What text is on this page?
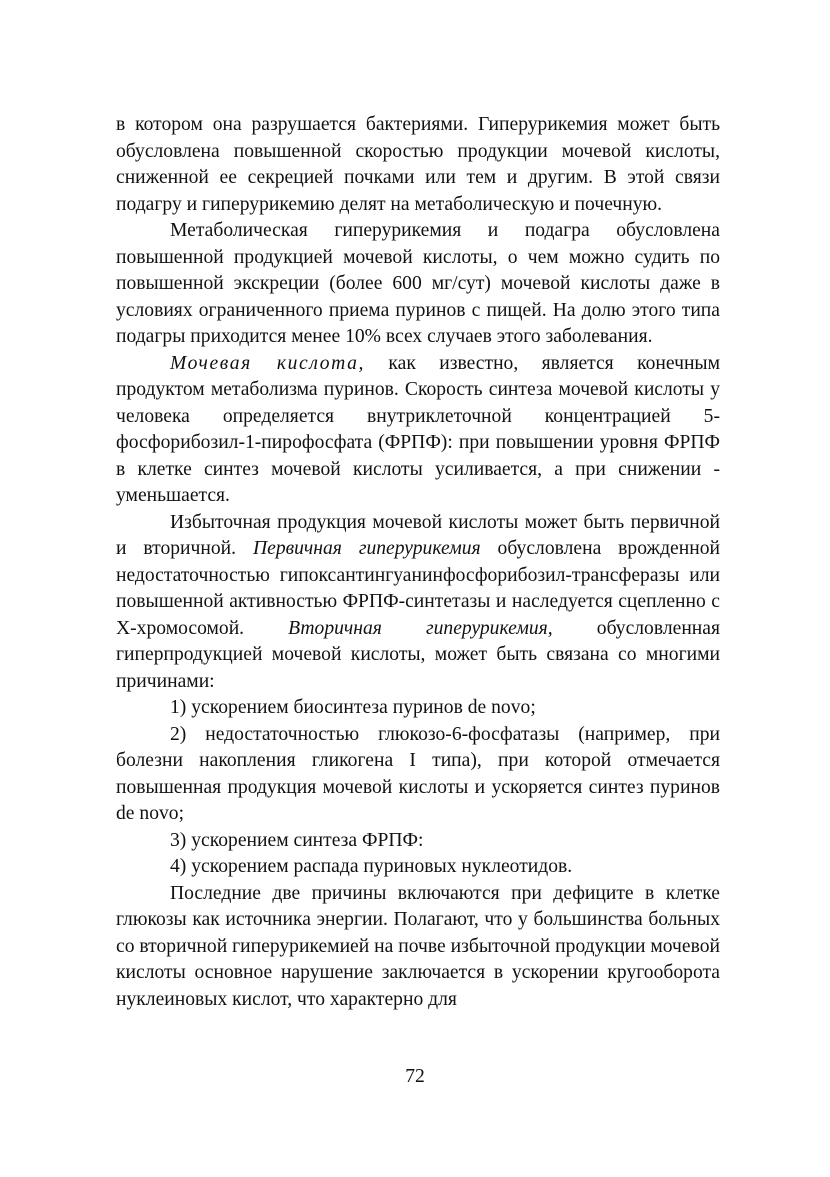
в котором она разрушается бактериями. Гиперурикемия может быть обусловлена повышенной скоростью продукции мочевой кислоты, сниженной ее секрецией почками или тем и другим. В этой связи подагру и гиперурикемию делят на метаболическую и почечную.

Метаболическая гиперурикемия и подагра обусловлена повышенной продукцией мочевой кислоты, о чем можно судить по повышенной экскреции (более 600 мг/сут) мочевой кислоты даже в условиях ограниченного приема пуринов с пищей. На долю этого типа подагры приходится менее 10% всех случаев этого заболевания.

Мочевая кислота, как известно, является конечным продуктом метаболизма пуринов. Скорость синтеза мочевой кислоты у человека определяется внутриклеточной концентрацией 5-фосфорибозил-1-пирофосфата (ФРПФ): при повышении уровня ФРПФ в клетке синтез мочевой кислоты усиливается, а при снижении - уменьшается.

Избыточная продукция мочевой кислоты может быть первичной и вторичной. Первичная гиперурикемия обусловлена врожденной недостаточностью гипоксантингуанинфосфорибозил-трансферазы или повышенной активностью ФРПФ-синтетазы и наследуется сцепленно с Х-хромосомой. Вторичная гиперурикемия, обусловленная гиперпродукцией мочевой кислоты, может быть связана со многими причинами:

1) ускорением биосинтеза пуринов de novo;

2) недостаточностью глюкозо-6-фосфатазы (например, при болезни накопления гликогена I типа), при которой отмечается повышенная продукция мочевой кислоты и ускоряется синтез пуринов de novo;

3) ускорением синтеза ФРПФ:

4) ускорением распада пуриновых нуклеотидов.

Последние две причины включаются при дефиците в клетке глюкозы как источника энергии. Полагают, что у большинства больных со вторичной гиперурикемией на почве избыточной продукции мочевой кислоты основное нарушение заключается в ускорении кругооборота нуклеиновых кислот, что характерно для

72
